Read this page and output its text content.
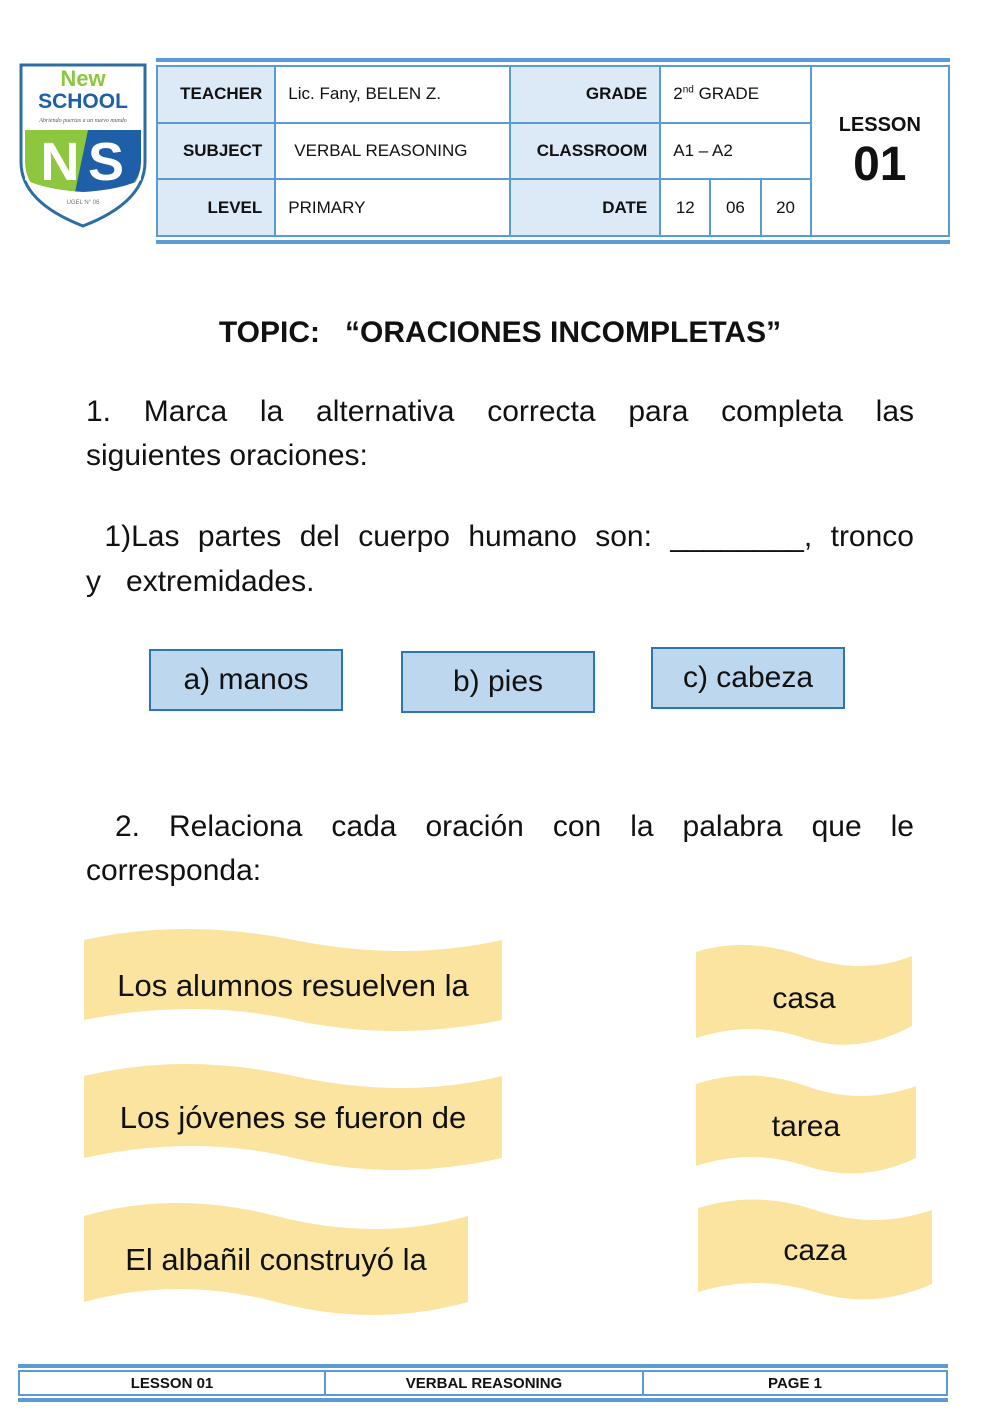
New
SCHOOL
Abriendo puertas a un nuevo mundo
N S
UGEL N° 06
TEACHER	Lic. Fany, BELEN Z.	GRADE	2nd GRADE			LESSON
01

SUBJECT	VERBAL REASONING	CLASSROOM	A1 – A2			
LEVEL	PRIMARY	DATE	12	06	20	
TOPIC:   “ORACIONES INCOMPLETAS”
1. Marca la alternativa correcta para completa las
siguientes oraciones:
1)Las partes del cuerpo humano son: ________, tronco
y   extremidades.
a) manos	b) pies	c) cabeza
2. Relaciona cada oración con la palabra que le
corresponda:
Los alumnos resuelven la
Los jóvenes se fueron de
El albañil construyó la
casa
tarea
caza
LESSON 01	VERBAL REASONING	PAGE 1
